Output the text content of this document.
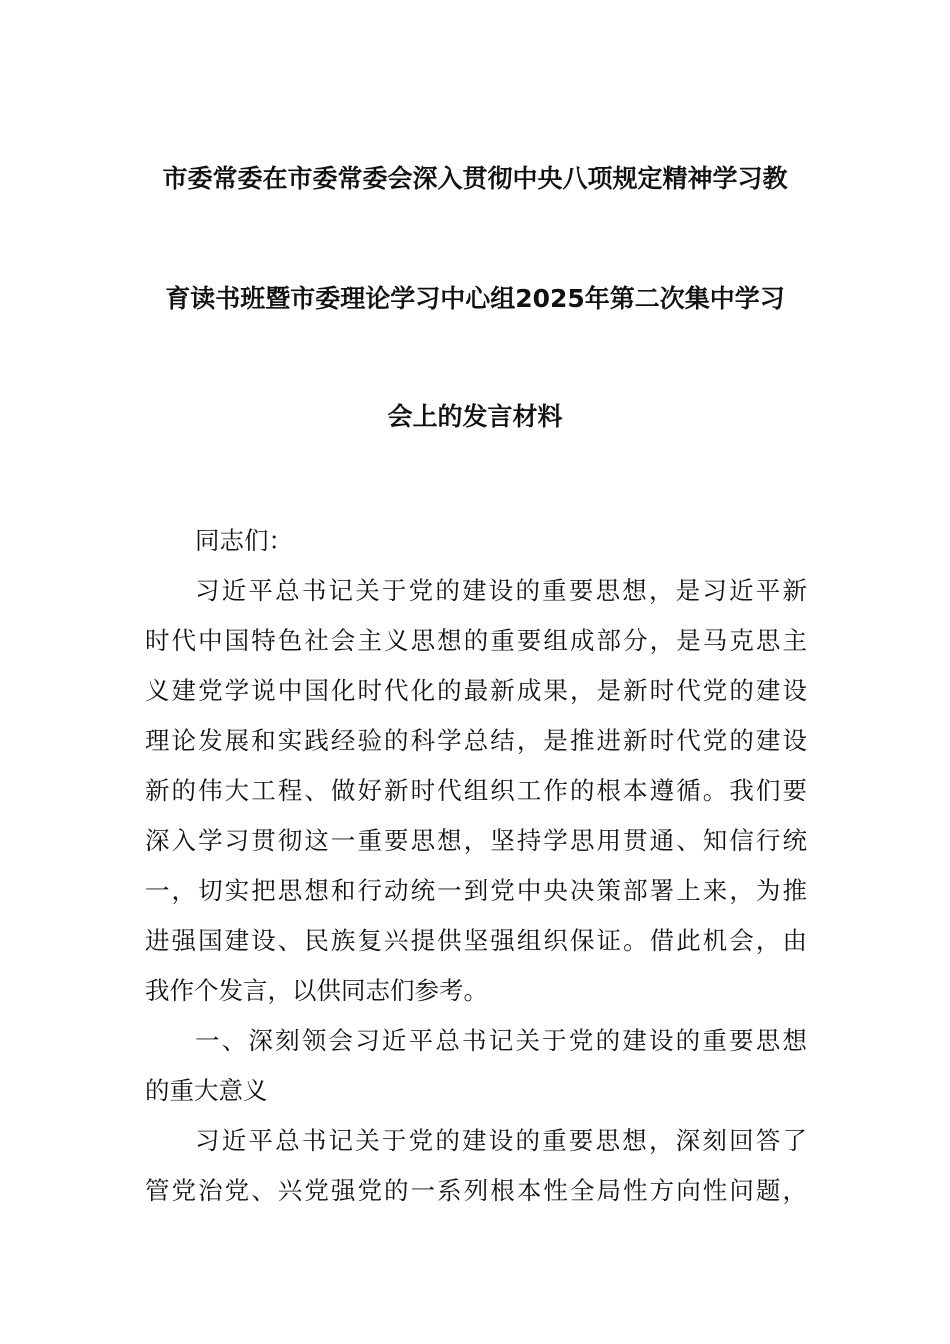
市委常委在市委常委会深入贯彻中央八项规定精神学习教
育读书班暨市委理论学习中心组2025年第二次集中学习
会上的发言材料
同志们：
习近平总书记关于党的建设的重要思想，是习近平新
时代中国特色社会主义思想的重要组成部分，是马克思主
义建党学说中国化时代化的最新成果，是新时代党的建设
理论发展和实践经验的科学总结，是推进新时代党的建设
新的伟大工程、做好新时代组织工作的根本遵循。我们要
深入学习贯彻这一重要思想，坚持学思用贯通、知信行统
一，切实把思想和行动统一到党中央决策部署上来，为推
进强国建设、民族复兴提供坚强组织保证。借此机会，由
我作个发言，以供同志们参考。
一、深刻领会习近平总书记关于党的建设的重要思想
的重大意义
习近平总书记关于党的建设的重要思想，深刻回答了
管党治党、兴党强党的一系列根本性全局性方向性问题，
